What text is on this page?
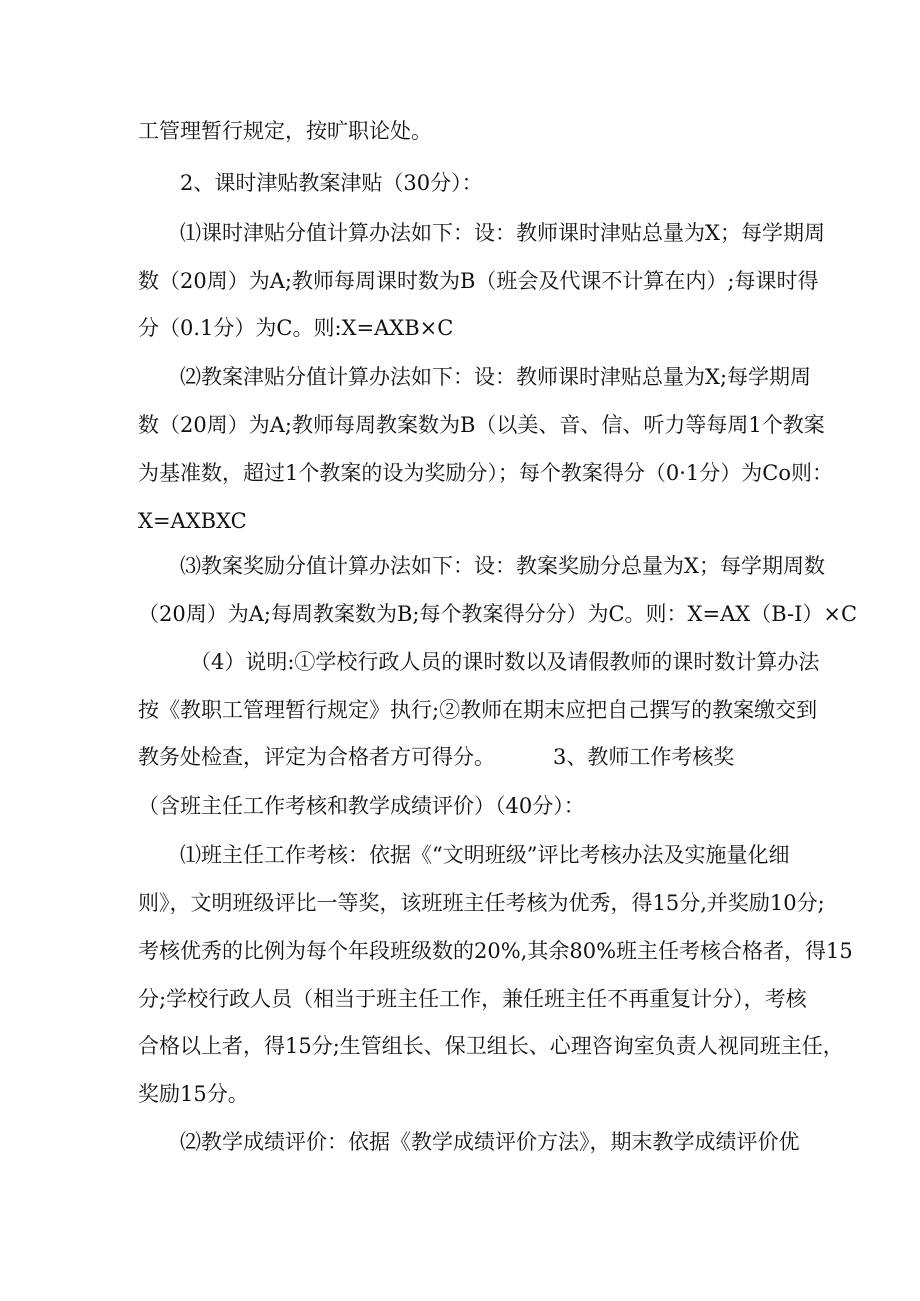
工管理暂行规定，按旷职论处。
2、课时津贴教案津贴（30分）：
⑴课时津贴分值计算办法如下：设：教师课时津贴总量为X；每学期周
数（20周）为A;教师每周课时数为B（班会及代课不计算在内）;每课时得
分（0.1分）为C。则:X=AXB×C
⑵教案津贴分值计算办法如下：设：教师课时津贴总量为X;每学期周
数（20周）为A;教师每周教案数为B（以美、音、信、听力等每周1个教案
为基准数，超过1个教案的设为奖励分）；每个教案得分（0·1分）为Co则：
X=AXBXC
⑶教案奖励分值计算办法如下：设：教案奖励分总量为X；每学期周数
（20周）为A;每周教案数为B;每个教案得分分）为C。则：X=AX（B-I）×C
（4）说明:①学校行政人员的课时数以及请假教师的课时数计算办法
按《教职工管理暂行规定》执行;②教师在期末应把自己撰写的教案缴交到
教务处检查，评定为合格者方可得分。	3、教师工作考核奖
（含班主任工作考核和教学成绩评价）（40分）：
⑴班主任工作考核：依据《“文明班级”评比考核办法及实施量化细
则》，文明班级评比一等奖，该班班主任考核为优秀，得15分,并奖励10分;
考核优秀的比例为每个年段班级数的20%,其余80%班主任考核合格者，得15
分;学校行政人员（相当于班主任工作，兼任班主任不再重复计分），考核
合格以上者，得15分;生管组长、保卫组长、心理咨询室负责人视同班主任，
奖励15分。
⑵教学成绩评价：依据《教学成绩评价方法》，期末教学成绩评价优
